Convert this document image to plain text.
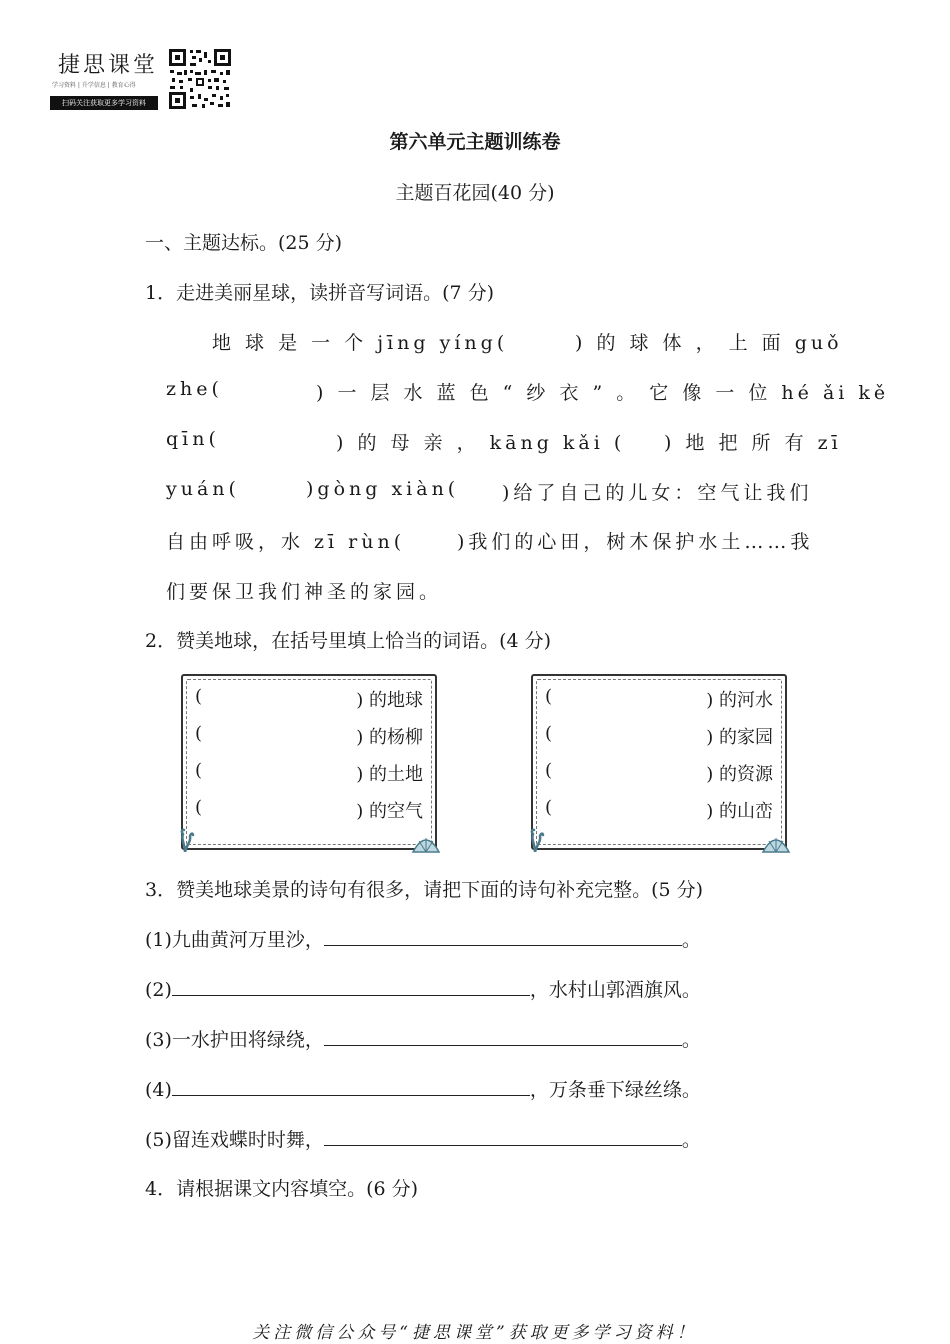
捷思课堂
学习资料 | 升学信息 | 教育心得
扫码关注获取更多学习资料
第六单元主题训练卷
主题百花园(40 分)
一、主题达标。(25 分)
1．走进美丽星球，读拼音写词语。(7 分)
地 球 是 一 个 jīng yíng(	) 的 球 体 ， 上 面 guǒ
zhe(	) 一 层 水 蓝 色 “ 纱 衣 ” 。 它 像 一 位 hé ǎi kě
qīn(	) 的 母 亲 ， kāng kǎi ( ) 地 把 所 有 zī
yuán(	)gòng xiàn( )给了自己的儿女：空气让我们
自由呼吸，水 zī rùn(	)我们的心田，树木保护水土……我
们要保卫我们神圣的家园。
2．赞美地球，在括号里填上恰当的词语。(4 分)
(	) 的地球
(	) 的杨柳
(	) 的土地
(	) 的空气
(	) 的河水
(	) 的家园
(	) 的资源
(	) 的山峦
3．赞美地球美景的诗句有很多，请把下面的诗句补充完整。(5 分)
(1)九曲黄河万里沙，	。
(2)	，水村山郭酒旗风。
(3)一水护田将绿绕，	。
(4)	，万条垂下绿丝绦。
(5)留连戏蝶时时舞，	。
4．请根据课文内容填空。(6 分)
关注微信公众号“捷思课堂”获取更多学习资料！
